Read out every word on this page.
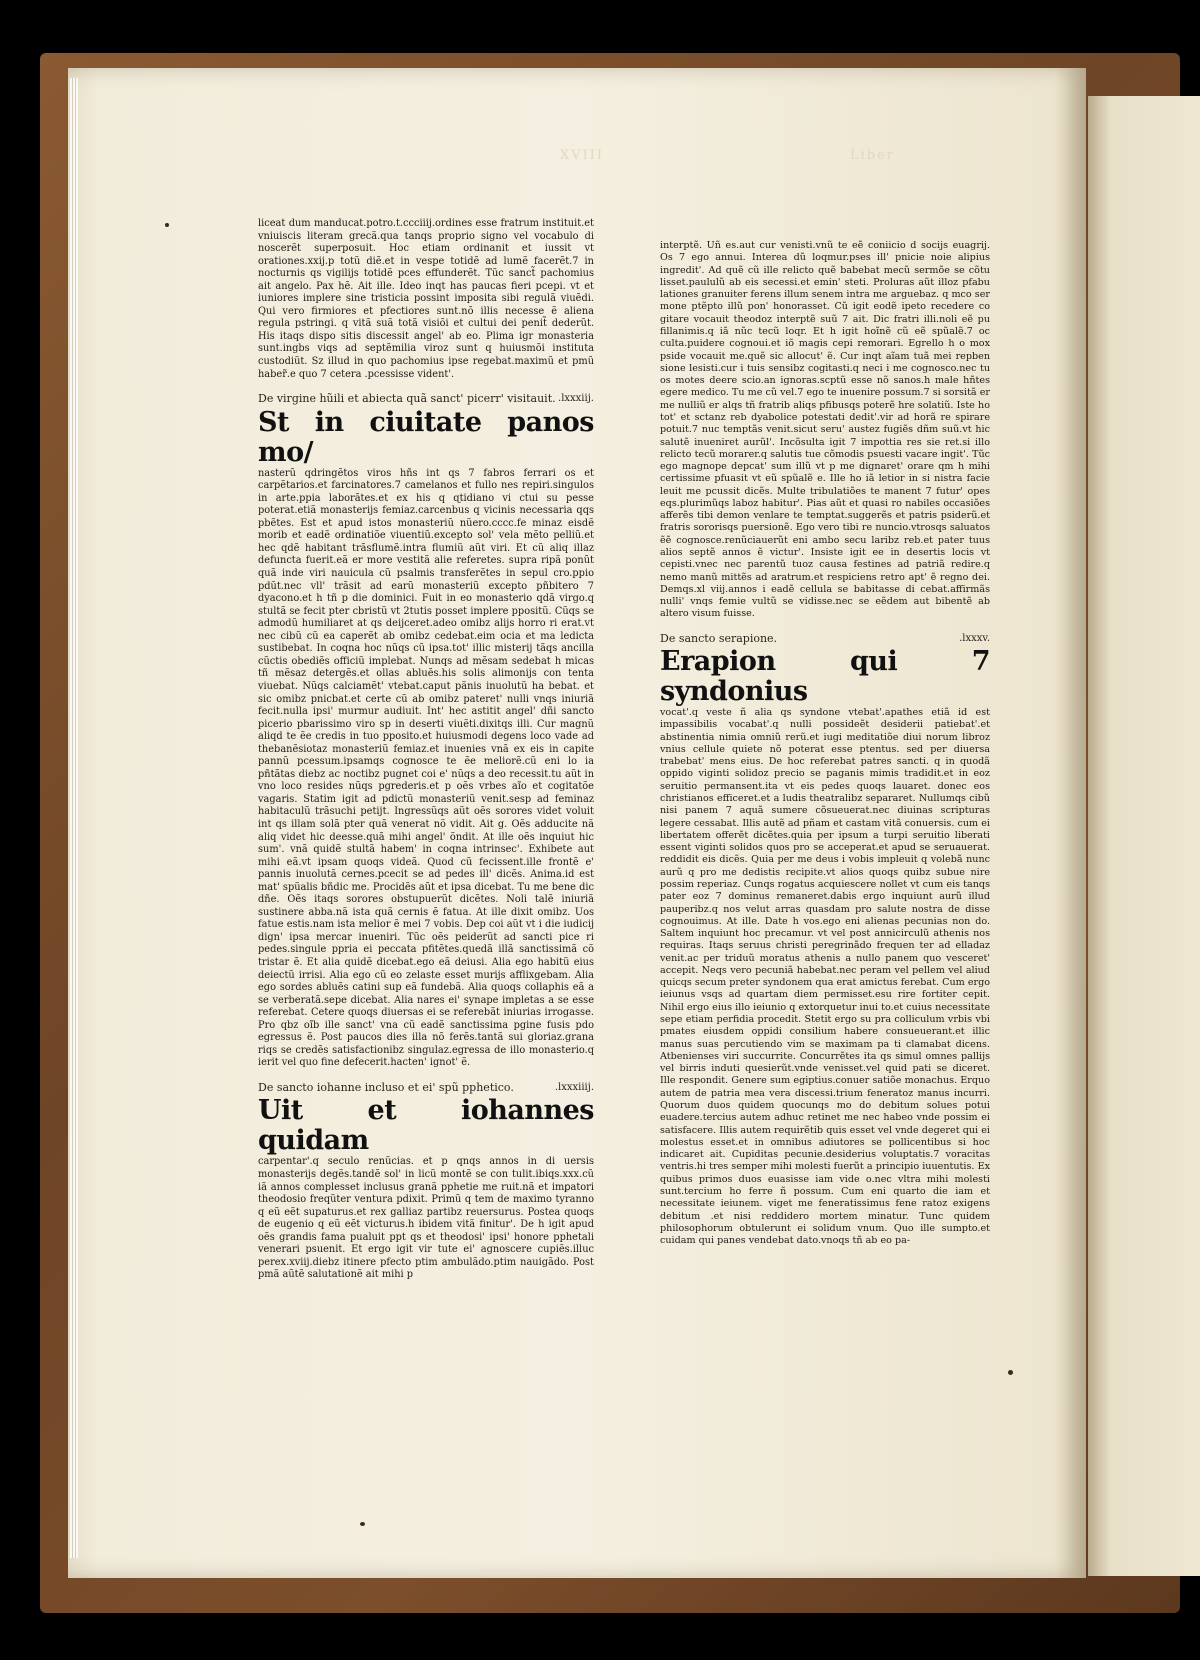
XVIII	Liber

liceat dum manducat.potro.t.ccciiij.ordines esse fratrum instituit.et vniuiscis literam grecã.qua tanqs proprio signo vel vocabulo di noscerẽt superposuit. Hoc etiam ordinanit et iussit vt orationes.xxij.p totũ diẽ.et in vespe totidẽ ad lumẽ facerẽt.7 in nocturnis qs vigilijs totidẽ pces effunderẽt. Tũc sanct̃ pachomius ait angelo. Pax hẽ. Ait ille. Ideo inqt has paucas fieri pcepi. vt et iuniores implere sine tristicia possint imposita sibi regulã viuẽdi. Qui vero firmiores et pfectiores sunt.nõ illis necesse ẽ aliena regula pstringi. q vitã suã totã visiõi et cultui dei penit̃ dederũt. His itaqs dispo sitis discessit angel' ab eo. Plima igr monasteria sunt.ingbs viqs ad septẽmilia viroz sunt q huiusmõi instituta custodiũt. Sz illud in quo pachomius ipse regebat.maximũ et pmũ haber̃.e quo 7 cetera .pcessisse vident'.

De virgine hũili et abiecta quã sanct' picerr' visitauit. .lxxxiij.
St in ciuitate panos mo/

nasterũ qdringẽtos viros hñs int qs 7 fabros ferrari os et carpẽtarios.et farcinatores.7 camelanos et fullo nes repiri.singulos in arte.ppia laborãtes.et ex his q ɋtidiano vi ctui su pesse poterat.etiã monasterijs femiaz.carcenbus q vicinis necessaria qqs pbẽtes. Est et apud istos monasteriũ nũero.cccc.fe minaz eisdẽ morib et eadẽ ordinatiõe viuentiũ.excepto sol' vela mẽto pelliũ.et hec qdẽ habitant trãsflumẽ.intra flumiũ aũt viri. Et cũ aliq illaz defuncta fuerit.eã er more vestitã alie referetes. supra ripã ponũt quã inde viri nauicula cũ psalmis transferẽtes in sepul cro.ppio pdũt.nec vll' trãsit ad earũ monasteriũ excepto pñbitero 7 dyacono.et h tñ p die dominici. Fuit in eo monasterio qdã virgo.q stultã se fecit pter cbristũ vt 2tutis posset implere ppositũ. Cũqs se admodũ humiliaret at qs deijceret.adeo omibz alijs horro ri erat.vt nec cibũ cũ ea caperẽt ab omibz cedebat.eim ocia et ma ledicta sustibebat. In coqna hoc nũqs cũ ipsa.tot' illic misterij tãqs ancilla cũctis obediẽs officiũ implebat. Nunqs ad mẽsam sedebat h micas tñ mẽsaz detergẽs.et ollas abluẽs.his solis alimonijs con tenta viuebat. Nũqs calciamẽt' vtebat.caput pãnis inuolutũ ha bebat. et sic omibz pnicbat.et certe cũ ab omibz pateret' nulli vnqs iniuriã fecit.nulla ipsi' murmur audiuit. Int' hec astitit angel' dñi sancto picerio pbarissimo viro sp in deserti viuẽti.dixitqs illi. Cur magnũ aliqd te ẽe credis in tuo pposito.et huiusmodi degens loco vade ad thebanẽsiotaz monasteriũ femiaz.et inuenies vnã ex eis in capite pannũ pcessum.ipsamqs cognosce te ẽe meliorẽ.cũ eni lo ia pñtãtas diebz ac noctibz pugnet coi e' nũqs a deo recessit.tu aũt in vno loco resides nũqs pgrederis.et p oẽs vrbes aĩo et cogitatõe vagaris. Statim igit ad pdictũ monasteriũ venit.sesp ad feminaz habitaculũ trãsuchi petijt. Ingressũqs aũt oẽs sorores videt voluit int qs illam solã pter quã venerat nõ vidit. Ait g. Oẽs adducite nã aliq videt hic deesse.quã mihi angel' õndit. At ille oẽs inquiut hic sum'. vnã quidẽ stultã habem' in coqna intrinsec'. Exhibete aut mihi eã.vt ipsam quoqs videã. Quod cũ fecissent.ille frontẽ e' pannis inuolutã cernes.pcecit se ad pedes ill' dicẽs. Anima.id est mat' spũalis bñdic me. Procidẽs aũt et ipsa dicebat. Tu me bene dic dñe. Oẽs itaqs sorores obstupuerũt dicẽtes. Noli talẽ iniuriã sustinere abba.nã ista quã cernis ẽ fatua. At ille dixit omibz. Uos fatue estis.nam ista melior ẽ mei 7 vobis. Dep coi aũt vt i die iudicij dign' ipsa mercar inueniri. Tũc oẽs peiderũt ad sancti pice ri pedes.singule ppria ei peccata pfitẽtes.quedã illã sanctissimã cõ tristar ẽ. Et alia quidẽ dicebat.ego eã deiusi. Alia ego habitũ eius deiectũ irrisi. Alia ego cũ eo zelaste esset murijs afflixgebam. Alia ego sordes abluẽs catini sup eã fundebã. Alia quoqs collaphis eã a se verberatã.sepe dicebat. Alia nares ei' synape impletas a se esse referebat. Cetere quoqs diuersas ei se referebãt iniurias irrogasse. Pro qbz oĩb ille sanct' vna cũ eadẽ sanctissima pgine fusis pdo egressus ẽ. Post paucos dies illa nõ ferẽs.tantã sui gloriaz.grana riqs se credẽs satisfactionibz singulaz.egressa de illo monasterio.q ierit vel quo fine defecerit.hacten' ignot' ẽ.

De sancto iohanne incluso et ei' spũ pphetico.	.lxxxiiij.
Uit et iohannes quidam

carpentar'.q seculo renũcias. et p qnqs annos in di uersis monasterijs degẽs.tandẽ sol' in licũ montẽ se con tulit.ibiqs.xxx.cũ iã annos complesset inclusus granã pphetie me ruit.nã et imꝑatori theodosio freqũter ventura pdixit. Primũ q tem de maximo tyranno q eũ eẽt supaturus.et rex galliaz partibz reuersurus. Postea quoqs de eugenio q eũ eẽt victurus.h ibidem vitã finitur'. De h igit apud oẽs grandis fama pualuit ppt qs et theodosi' ipsi' honore pphetali venerari psuenit. Et ergo igit vir tute ei' agnoscere cupiẽs.illuc perex.xviij.diebz itinere pfecto ptim ambulãdo.ptim nauigãdo. Post pmã aũtẽ salutationẽ ait mihi p

interptẽ. Uñ es.aut cur venisti.vnũ te eẽ coniicio d socijs euagrij. Os 7 ego annui. Interea dũ loqmur.pses ill' pnicie noie alipius ingredit'. Ad quẽ cũ ille relicto quẽ babebat mecũ sermõe se cõtu lisset.paululũ ab eis secessi.et emin' steti. Proluras aũt illoz pfabu lationes granuiter ferens illum senem intra me arguebaz. q mco ser mone ptẽpto illũ pon' honorasset. Cũ igit eodẽ ipeto recedere co gitare vocauit theodoz interptẽ suũ 7 ait. Dic fratri illi.noli eẽ pu fillanimis.q iã nũc tecũ loqr. Et h igit hoĩnẽ cũ eẽ spũalẽ.7 oc culta.puidere cognoui.et iõ magis cepi remorari. Egrello h o mox pside vocauit me.quẽ sic allocut' ẽ. Cur inqt aĩam tuã mei repben sione lesisti.cur i tuis sensibz cogitasti.q neci i me cognosco.nec tu os motes deere scio.an ignoras.scptũ esse nõ sanos.h male hñtes egere medico. Tu me cũ vel.7 ego te inuenire possum.7 si sorsitã er me nulliũ er alqs tñ fratrib aliqs pfibusqs poterẽ hre solatiũ. Iste ho tot' et sctanz reb dyabolice potestati dedit'.vir ad horã re spirare potuit.7 nuc temptãs venit.sicut seru' austez fugiẽs dñm suũ.vt hic salutẽ inueniret aurũl'. Incõsulta igit 7 impottia res sie ret.si illo relicto tecũ morarer.q salutis tue cõmodis psuesti vacare ingit'. Tũc ego magnope depcat' sum illũ vt p me dignaret' orare qm h mihi certissime pfuasit vt eũ spũalẽ e. Ille ho iã letior in si nistra facie leuit me pcussit dicẽs. Multe tribulatiões te manent 7 futur' opes eqs.plurimũqs laboz habitur'. Pias aũt et quasi ro nabiles occasiões afferẽs tibi demon venlare te temptat.suggerẽs et patris psiderũ.et fratris sororisqs puersionẽ. Ego vero tibi re nuncio.vtrosqs saluatos ẽẽ cognosce.renũciauerũt eni ambo secu laribz reb.et pater tuus alios septẽ annos ẽ victur'. Insiste igit ee in desertis locis vt cepisti.vnec nec parentũ tuoz causa festines ad patriã redire.q nemo manũ mittẽs ad aratrum.et respiciens retro apt' ẽ regno dei. Demqs.xl viij.annos i eadẽ cellula se babitasse di cebat.affirmãs nulli' vnqs femie vultũ se vidisse.nec se eẽdem aut bibentẽ ab altero visum fuisse.

De sancto serapione.	.lxxxv.
Erapion qui 7 syndonius

vocat'.q veste ñ alia qs syndone vtebat'.apathes etiã id est impassibilis vocabat'.q nulli possideẽt desiderii patiebat'.et abstinentia nimia omniũ rerũ.et iugi meditatiõe diui norum libroz vnius cellule quiete nõ poterat esse ptentus. sed per diuersa trabebat' mens eius. De hoc referebat patres sancti. q in quodã oppido viginti solidoz precio se paganis mimis tradidit.et in eoz seruitio permansent.ita vt eis pedes quoqs lauaret. donec eos christianos efficeret.et a ludis theatralibz separaret. Nullumqs cibũ nisi panem 7 aquã sumere cõsueuerat.nec diuinas scripturas legere cessabat. Illis autẽ ad pñam et castam vitã conuersis. cum ei libertatem offerẽt dicẽtes.quia per ipsum a turpi seruitio liberati essent viginti solidos quos pro se acceperat.et apud se seruauerat. reddidit eis dicẽs. Quia per me deus i vobis impleuit q volebã nunc aurũ q pro me dedistis recipite.vt alios quoqs quibz subue nire possim reperiaz. Cunqs rogatus acquiescere nollet vt cum eis tanqs pater eoz 7 dominus remaneret.dabis ergo inquiunt aurũ illud pauperibz.q nos velut arras quasdam pro salute nostra de disse cognouimus. At ille. Date h vos.ego eni alienas pecunias non do. Saltem inquiunt hoc precamur. vt vel post annicirculũ athenis nos requiras. Itaqs seruus christi peregrinãdo frequen ter ad elladaz venit.ac per triduũ moratus athenis a nullo panem quo vesceret' accepit. Neqs vero pecuniã habebat.nec peram vel pellem vel aliud quicqs secum preter syndonem qua erat amictus ferebat. Cum ergo ieiunus vsqs ad quartam diem permisset.esu rire fortiter cepit. Nihil ergo eius illo ieiunio q extorquetur inui to.et cuius necessitate sepe etiam perfidia procedit. Stetit ergo su pra colliculum vrbis vbi pmates eiusdem oppidi consilium habere consueuerant.et illic manus suas percutiendo vim se maximam pa ti clamabat dicens. Atbenienses viri succurrite. Concurrẽtes ita qs simul omnes pallijs vel birris induti quesierũt.vnde venisset.vel quid pati se diceret. Ille respondit. Genere sum egiptius.conuer satiõe monachus. Erquo autem de patria mea vera discessi.trium feneratoz manus incurri. Quorum duos quidem quocunqs mo do debitum solues potui euadere.tercius autem adhuc retinet me nec habeo vnde possim ei satisfacere. Illis autem requirẽtib quis esset vel vnde degeret qui ei molestus esset.et in omnibus adiutores se pollicentibus si hoc indicaret ait. Cupiditas pecunie.desiderius voluptatis.7 voracitas ventris.hi tres semper mihi molesti fuerũt a principio iuuentutis. Ex quibus primos duos euasisse iam vide o.nec vltra mihi molesti sunt.tercium ho ferre ñ possum. Cum eni quarto die iam et necessitate ieiunem. viget me feneratissimus fene ratoz exigens debitum .et nisi reddidero mortem minatur. Tunc quidem philosophorum obtulerunt ei solidum vnum. Quo ille sumpto.et cuidam qui panes vendebat dato.vnoqs tñ ab eo pa-
